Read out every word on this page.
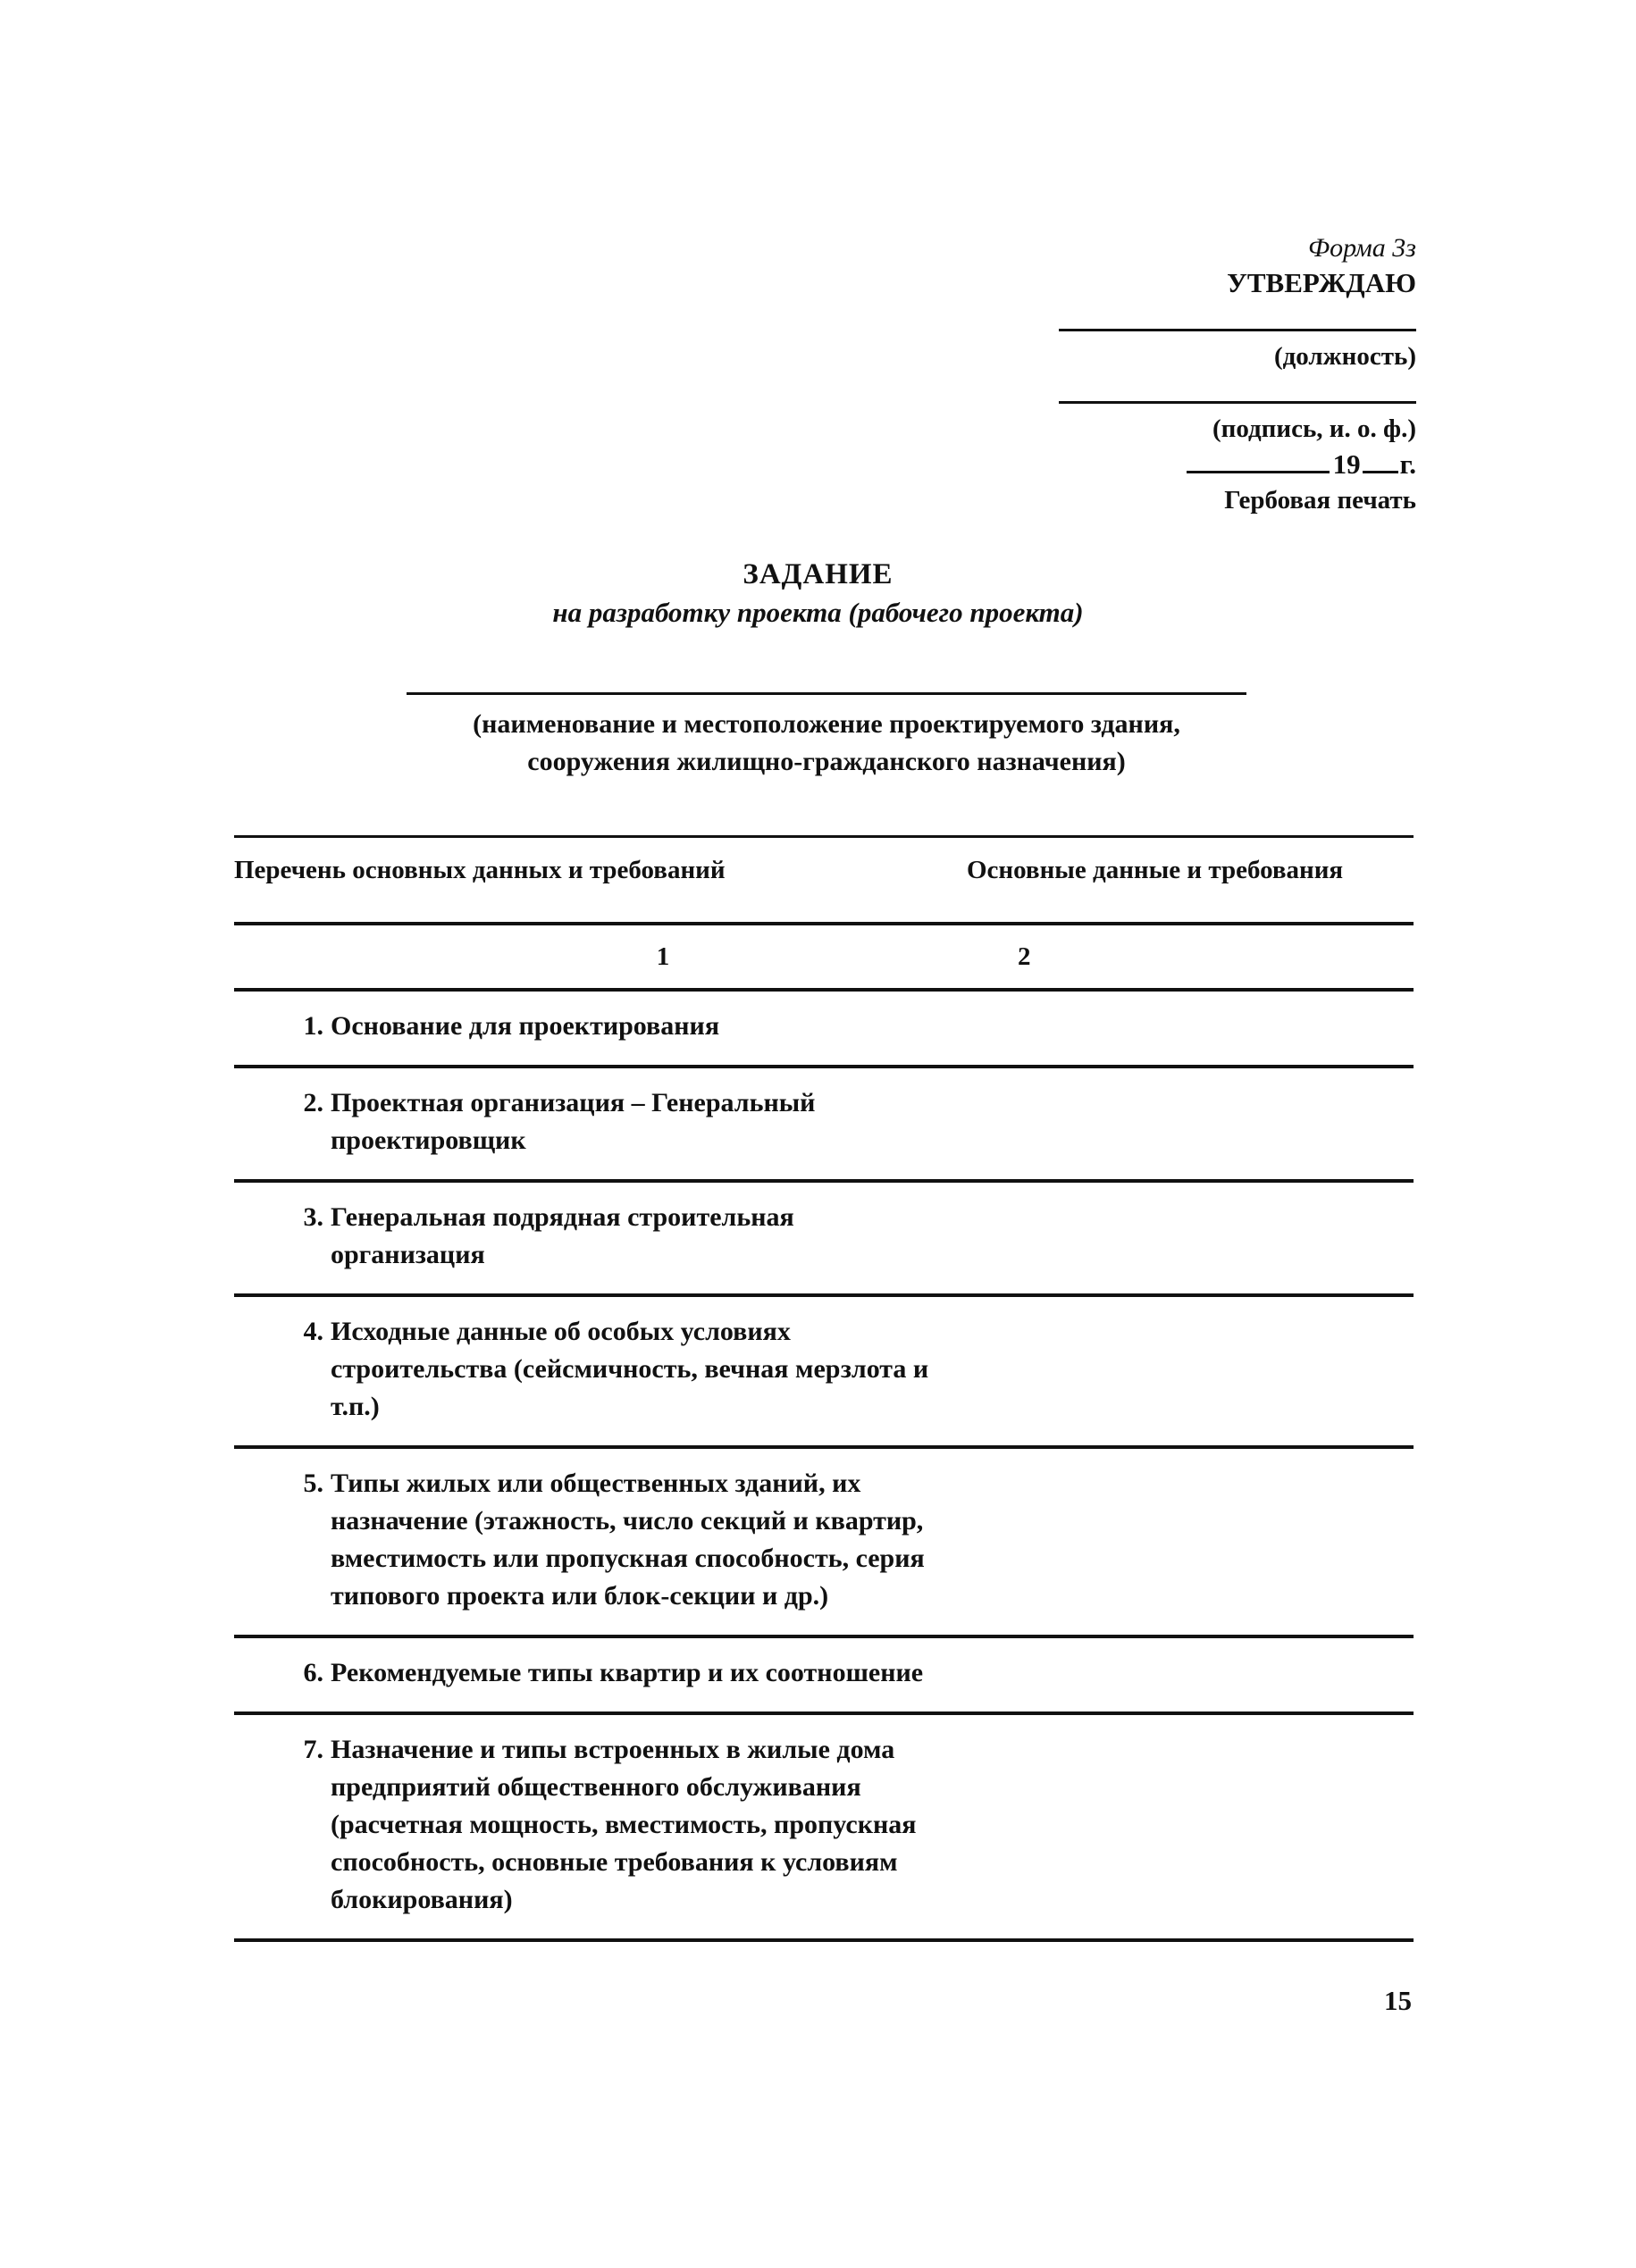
Форма 3з
УТВЕРЖДАЮ
(должность)
(подпись, и. о. ф.)
19 г.
Гербовая печать
ЗАДАНИЕ
на разработку проекта (рабочего проекта)
(наименование и местоположение проектируемого здания,
сооружения жилищно-гражданского назначения)
Перечень основных данных и требований	Основные данные и требования
1	2
1. Основание для проектирования
2. Проектная организация – Генеральный проектировщик
3. Генеральная подрядная строительная организация
4. Исходные данные об особых условиях строительства (сейсмичность, вечная мерзлота и т.п.)
5. Типы жилых или общественных зданий, их назначение (этажность, число секций и квартир, вместимость или пропускная способность, серия типового проекта или блок-секции и др.)
6. Рекомендуемые типы квартир и их соотношение
7. Назначение и типы встроенных в жилые дома предприятий общественного обслуживания (расчетная мощность, вместимость, пропускная способность, основные требования к условиям блокирования)
15
